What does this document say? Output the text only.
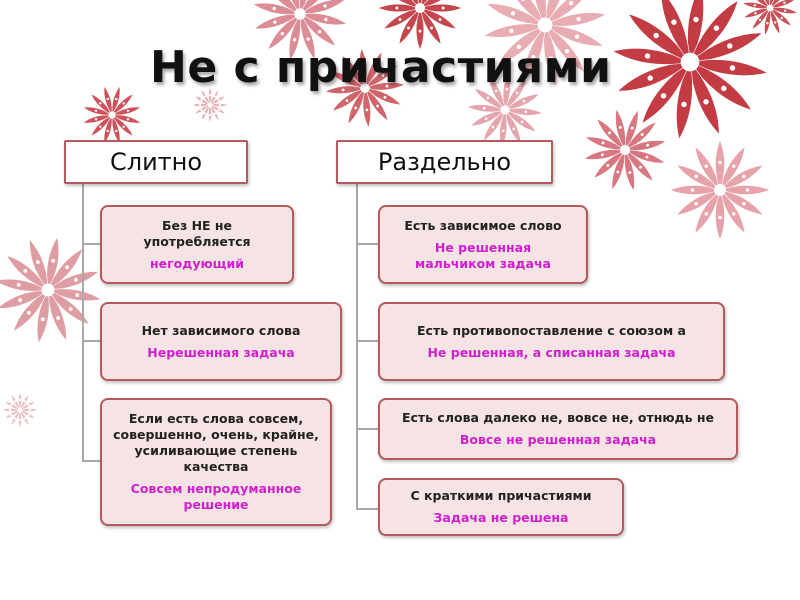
Не с причастиями
Слитно	Раздельно
Без НЕ не употребляется
негодующий
Нет зависимого слова
Нерешенная задача
Если есть слова совсем, совершенно, очень, крайне, усиливающие степень качества
Совсем непродуманное решение
Есть зависимое слово
Не решенная мальчиком задача
Есть противопоставление с союзом а
Не решенная, а списанная задача
Есть слова далеко не, вовсе не, отнюдь не
Вовсе не решенная задача
С краткими причастиями
Задача не решена
